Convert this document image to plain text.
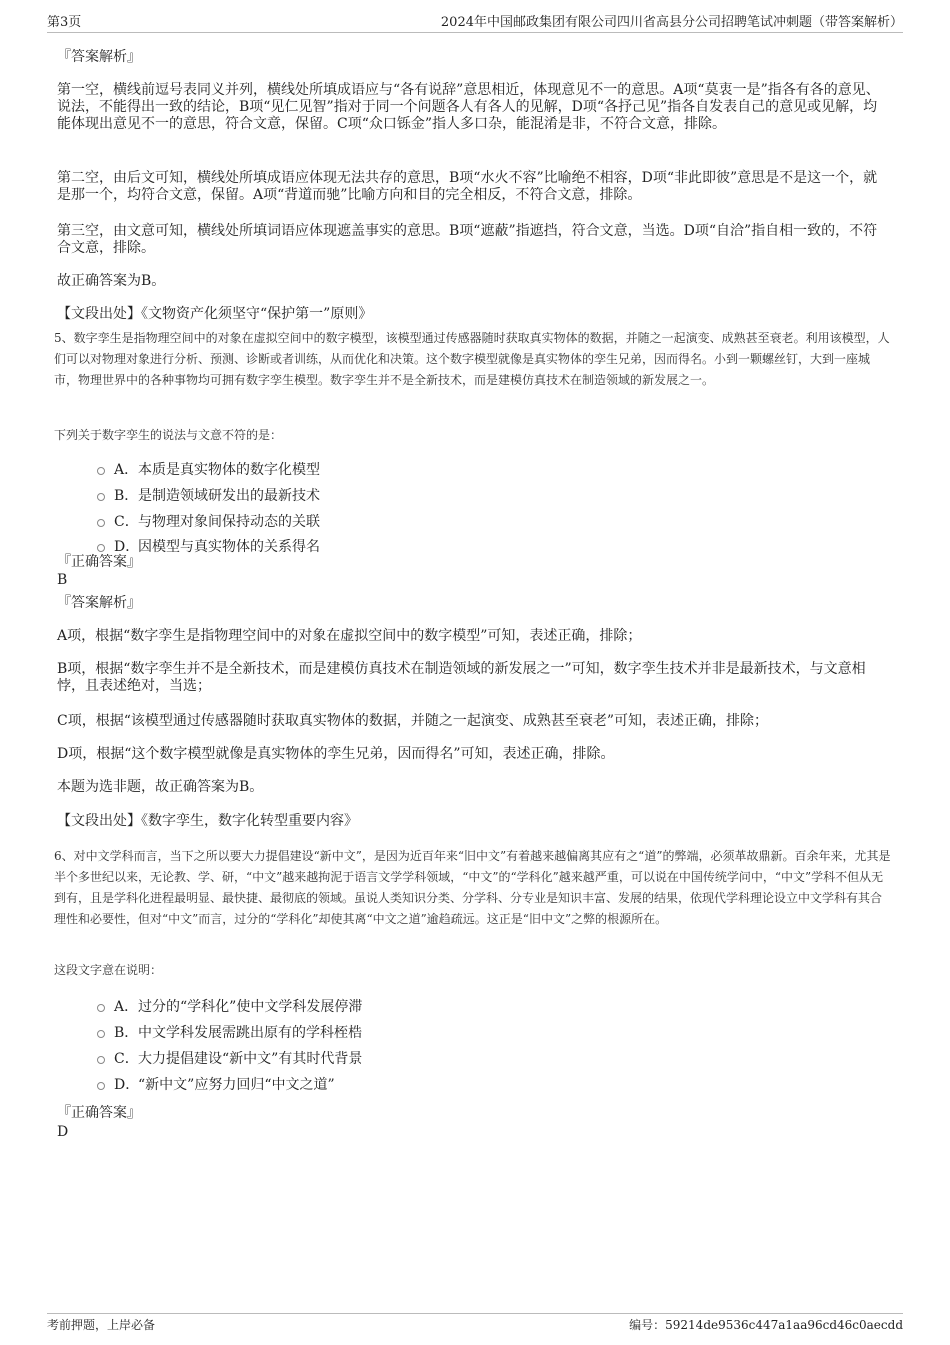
第3页	2024年中国邮政集团有限公司四川省高县分公司招聘笔试冲刺题（带答案解析）
『答案解析』

第一空，横线前逗号表同义并列，横线处所填成语应与“各有说辞”意思相近，体现意见不一的意思。A项“莫衷一是”指各有各的意见、说法，不能得出一致的结论，B项“见仁见智”指对于同一个问题各人有各人的见解，D项“各抒己见”指各自发表自己的意见或见解，均能体现出意见不一的意思，符合文意，保留。C项“众口铄金”指人多口杂，能混淆是非，不符合文意，排除。

第二空，由后文可知，横线处所填成语应体现无法共存的意思，B项“水火不容”比喻绝不相容，D项“非此即彼”意思是不是这一个，就是那一个，均符合文意，保留。A项“背道而驰”比喻方向和目的完全相反，不符合文意，排除。

第三空，由文意可知，横线处所填词语应体现遮盖事实的意思。B项“遮蔽”指遮挡，符合文意，当选。D项“自洽”指自相一致的，不符合文意，排除。

故正确答案为B。
【文段出处】《文物资产化须坚守“保护第一”原则》

5、数字孪生是指物理空间中的对象在虚拟空间中的数字模型，该模型通过传感器随时获取真实物体的数据，并随之一起演变、成熟甚至衰老。利用该模型，人们可以对物理对象进行分析、预测、诊断或者训练，从而优化和决策。这个数字模型就像是真实物体的孪生兄弟，因而得名。小到一颗螺丝钉，大到一座城市，物理世界中的各种事物均可拥有数字孪生模型。数字孪生并不是全新技术，而是建模仿真技术在制造领域的新发展之一。

下列关于数字孪生的说法与文意不符的是：
A．本质是真实物体的数字化模型
B．是制造领域研发出的最新技术
C．与物理对象间保持动态的关联
D．因模型与真实物体的关系得名
『正确答案』
B
『答案解析』

A项，根据“数字孪生是指物理空间中的对象在虚拟空间中的数字模型”可知，表述正确，排除；

B项，根据“数字孪生并不是全新技术，而是建模仿真技术在制造领域的新发展之一”可知，数字孪生技术并非是最新技术，与文意相悖，且表述绝对，当选；

C项，根据“该模型通过传感器随时获取真实物体的数据，并随之一起演变、成熟甚至衰老”可知，表述正确，排除；

D项，根据“这个数字模型就像是真实物体的孪生兄弟，因而得名”可知，表述正确，排除。

本题为选非题，故正确答案为B。
【文段出处】《数字孪生，数字化转型重要内容》

6、对中文学科而言，当下之所以要大力提倡建设“新中文”，是因为近百年来“旧中文”有着越来越偏离其应有之“道”的弊端，必须革故鼎新。百余年来，尤其是半个多世纪以来，无论教、学、研，“中文”越来越拘泥于语言文学学科领域，“中文”的“学科化”越来越严重，可以说在中国传统学问中，“中文”学科不但从无到有，且是学科化进程最明显、最快捷、最彻底的领域。虽说人类知识分类、分学科、分专业是知识丰富、发展的结果，依现代学科理论设立中文学科有其合理性和必要性，但对“中文”而言，过分的“学科化”却使其离“中文之道”逾趋疏远。这正是“旧中文”之弊的根源所在。

这段文字意在说明：
A．过分的“学科化”使中文学科发展停滞
B．中文学科发展需跳出原有的学科桎梏
C．大力提倡建设“新中文”有其时代背景
D．“新中文”应努力回归“中文之道”
『正确答案』
D
考前押题，上岸必备	编号：59214de9536c447a1aa96cd46c0aecdd
